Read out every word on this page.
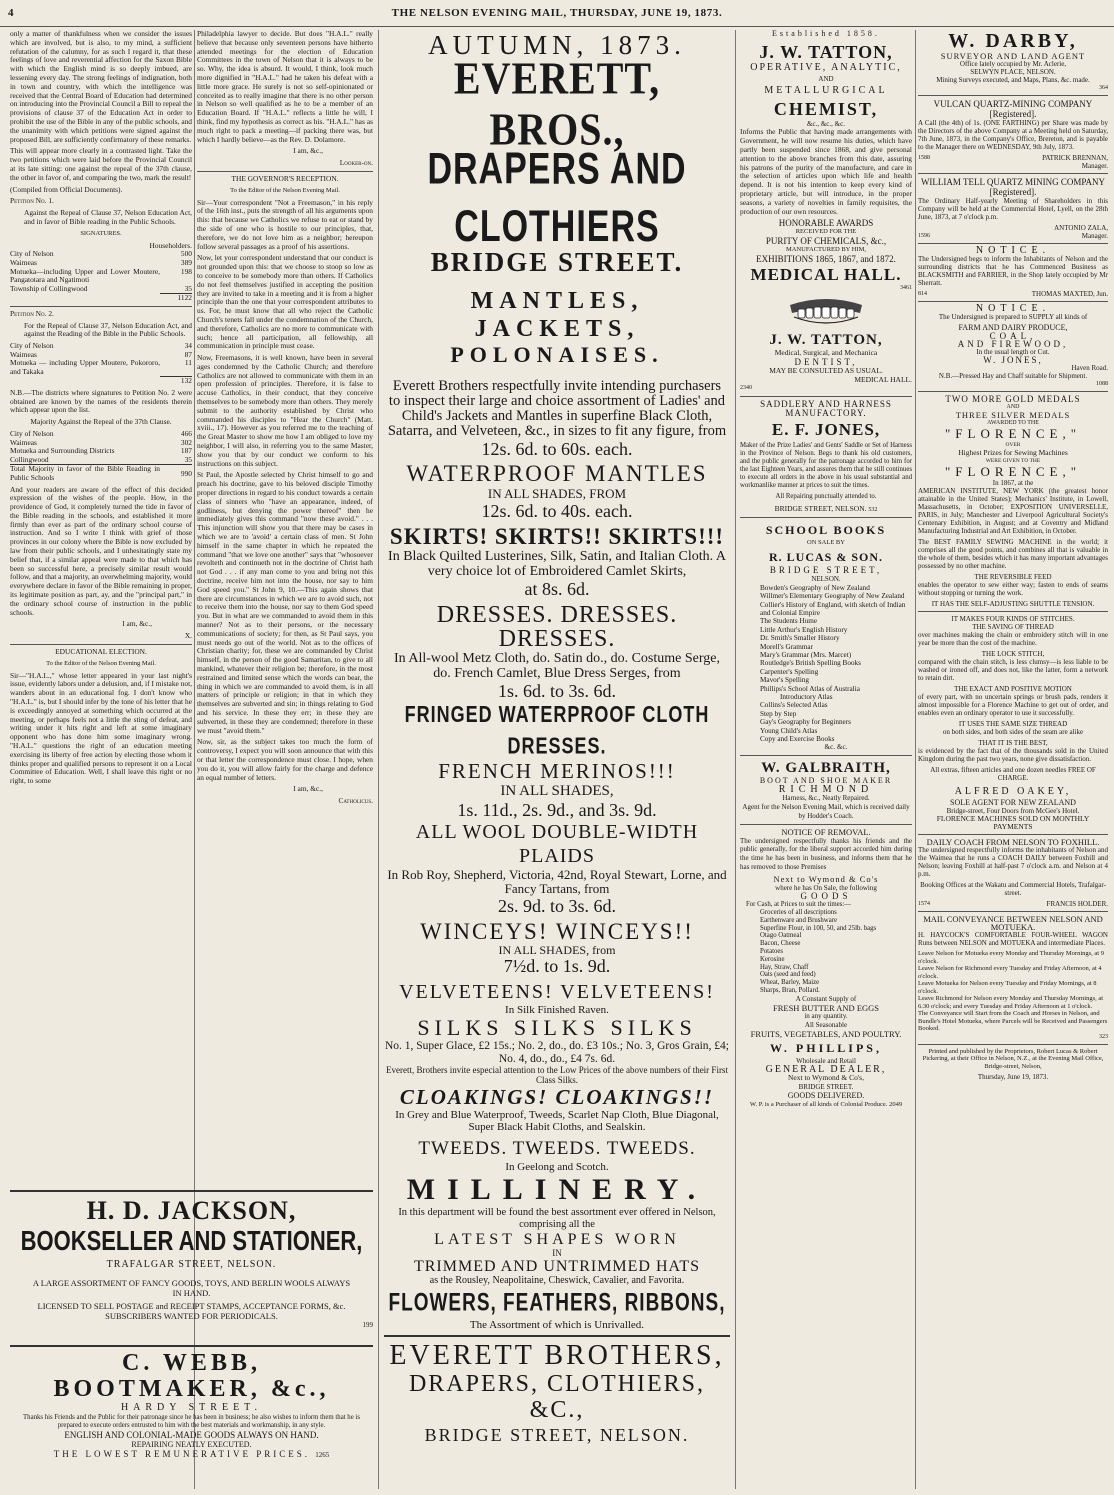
4	THE NELSON EVENING MAIL, THURSDAY, JUNE 19, 1873.

only a matter of thankfulness when we consider the issues which are involved, but is also, to my mind, a sufficient refutation of the calumny, for as such I regard it, that these feelings of love and reverential affection for the Saxon Bible with which the English mind is so deeply imbued, are lessening every day. The strong feelings of indignation, both in town and country, with which the intelligence was received that the Central Board of Education had determined on introducing into the Provincial Council a Bill to repeal the provisions of clause 37 of the Education Act in order to prohibit the use of the Bible in any of the public schools, and the unanimity with which petitions were signed against the proposed Bill, are sufficiently confirmatory of these remarks.

This will appear more clearly in a contrasted light. Take the two petitions which were laid before the Provincial Council at its late sitting: one against the repeal of the 37th clause, the other in favor of, and comparing the two, mark the result!

(Compiled from Official Documents).

Petition No. 1.

Against the Repeal of Clause 37, Nelson Education Act, and in favor of Bible reading in the Public Schools.

SIGNATURES.

Householders.

City of Nelson	500
Waimeas	389
Motueka—including Upper and Lower Moutere, Pangatotara and Ngatimoti	198
Township of Collingwood	35
	1122

Petition No. 2.

For the Repeal of Clause 37, Nelson Education Act, and against the Reading of the Bible in the Public Schools.

City of Nelson	34
Waimeas	87
Motueka — including Upper Moutere, Pokororo, and Takaka	11
	132

N.B.—The districts where signatures to Petition No. 2 were obtained are known by the names of the residents therein which appear upon the list.

Majority Against the Repeal of the 37th Clause.

City of Nelson	466
Waimeas	302
Motueka and Surrounding Districts	187
Collingwood	35
Total Majority in favor of the Bible Reading in Public Schools	990

And your readers are aware of the effect of this decided expression of the wishes of the people. How, in the providence of God, it completely turned the tide in favor of the Bible reading in the schools, and established it more firmly than ever as part of the ordinary school course of instruction. And so I write I think with grief of those provinces in our colony where the Bible is now excluded by law from their public schools, and I unhesitatingly state my belief that, if a similar appeal were made to that which has been so successful here, a precisely similar result would follow, and that a majority, an overwhelming majority, would everywhere declare in favor of the Bible remaining in proper, its legitimate position as part, ay, and the "principal part," in the ordinary school course of instruction in the public schools.

I am, &c.,

X.

EDUCATIONAL ELECTION.

To the Editor of the Nelson Evening Mail.

Sir—"H.A.L.," whose letter appeared in your last night's issue, evidently labors under a delusion, and, if I mistake not, wanders about in an educational fog. I don't know who "H.A.L." is, but I should infer by the tone of his letter that he is exceedingly annoyed at something which occurred at the meeting, or perhaps feels not a little the sting of defeat, and writing under it hits right and left at some imaginary opponent who has done him some imaginary wrong. "H.A.L." questions the right of an education meeting exercising its liberty of free action by electing those whom it thinks proper and qualified persons to represent it on a Local Committee of Education. Well, I shall leave this right or no right, to some

Philadelphia lawyer to decide. But does "H.A.L." really believe that because only seventeen persons have hitherto attended meetings for the election of Education Committees in the town of Nelson that it is always to be so. Why, the idea is absurd. It would, I think, look much more dignified in "H.A.L." had he taken his defeat with a little more grace. He surely is not so self-opinionated or conceited as to really imagine that there is no other person in Nelson so well qualified as he to be a member of an Education Board. If "H.A.L." reflects a little he will, I think, find my hypothesis as correct as his. "H.A.L." has as much right to pack a meeting—if packing there was, but which I hardly believe—as the Rev. D. Dolamore.

I am, &c.,

Looker-on.

THE GOVERNOR'S RECEPTION.

To the Editor of the Nelson Evening Mail.

Sir—Your correspondent "Not a Freemason," in his reply of the 16th inst., puts the strength of all his arguments upon this: that because we Catholics we refuse to eat or stand by the side of one who is hostile to our principles, that, therefore, we do not love him as a neighbor; hereupon follow several passages as a proof of his assertions.

Now, let your correspondent understand that our conduct is not grounded upon this: that we choose to stoop so low as to conceive to be somebody more than others. If Catholics do not feel themselves justified in accepting the position they are invited to take in a meeting and it is from a higher principle than the one that your correspondent attributes to us. For, he must know that all who reject the Catholic Church's tenets fall under the condemnation of the Church, and therefore, Catholics are no more to communicate with such; hence all participation, all fellowship, all communication in principle must cease.

Now, Freemasons, it is well known, have been in several ages condemned by the Catholic Church; and therefore Catholics are not allowed to communicate with them in an open profession of principles. Therefore, it is false to accuse Catholics, in their conduct, that they conceive themselves to be somebody more than others. They merely submit to the authority established by Christ who commanded his disciples to "Hear the Church" (Matt. xviii., 17). However as you referred me to the teaching of the Great Master to show me how I am obliged to love my neighbor, I will also, in referring you to the same Master, show you that by our conduct we conform to his instructions on this subject.

St Paul, the Apostle selected by Christ himself to go and preach his doctrine, gave to his beloved disciple Timothy proper directions in regard to his conduct towards a certain class of sinners who "have an appearance, indeed, of godliness, but denying the power thereof" then he immediately gives this command "now these avoid." . . . This injunction will show you that there may be cases in which we are to 'avoid' a certain class of men. St John himself in the same chapter in which he repeated the command "that we love one another" says that "whosoever revolteth and continueth not in the doctrine of Christ hath not God . . . if any man come to you and bring not this doctrine, receive him not into the house, nor say to him God speed you." St John 9, 10.—This again shows that there are circumstances in which we are to avoid such, not to receive them into the house, nor say to them God speed you. But in what are we commanded to avoid them in this manner? Not as to their persons, or the necessary communications of society; for then, as St Paul says, you must needs go out of the world. Not as to the offices of Christian charity; for, these we are commanded by Christ himself, in the person of the good Samaritan, to give to all mankind, whatever their religion be; therefore, in the most restrained and limited sense which the words can bear, the thing in which we are commanded to avoid them, is in all matters of principle or religion; in that in which they themselves are subverted and sin; in things relating to God and his service. In these they err; in these they are subverted, in these they are condemned; therefore in these we must "avoid them."

Now, sir, as the subject takes too much the form of controversy, I expect you will soon announce that with this or that letter the correspondence must close. I hope, when you do it, you will allow fairly for the charge and defence an equal number of letters.

I am, &c.,

Catholicus.

H. D. JACKSON,
BOOKSELLER AND STATIONER,
TRAFALGAR STREET, NELSON.
A LARGE ASSORTMENT OF FANCY GOODS, TOYS, AND BERLIN WOOLS ALWAYS IN HAND.
LICENSED TO SELL POSTAGE and RECEIPT STAMPS, ACCEPTANCE FORMS, &c. SUBSCRIBERS WANTED FOR PERIODICALS.
199
C. WEBB,
BOOTMAKER, &c.,
HARDY STREET.
Thanks his Friends and the Public for their patronage since he has been in business; he also wishes to inform them that he is prepared to execute orders entrusted to him with the best materials and workmanship, in any style.
ENGLISH AND COLONIAL-MADE GOODS ALWAYS ON HAND.
REPAIRING NEATLY EXECUTED.
THE LOWEST REMUNERATIVE PRICES. 1265
AUTUMN, 1873.
EVERETT, BROS.,
DRAPERS AND CLOTHIERS
BRIDGE STREET.
MANTLES, JACKETS,
POLONAISES.
Everett Brothers respectfully invite intending purchasers to inspect their large and choice assortment of Ladies' and Child's Jackets and Mantles in superfine Black Cloth, Satarra, and Velveteen, &c., in sizes to fit any figure, from
12s. 6d. to 60s. each.
WATERPROOF MANTLES
IN ALL SHADES, FROM
12s. 6d. to 40s. each.
SKIRTS! SKIRTS!! SKIRTS!!!
In Black Quilted Lusterines, Silk, Satin, and Italian Cloth. A very choice lot of Embroidered Camlet Skirts,
at 8s. 6d.
DRESSES. DRESSES. DRESSES.
In All-wool Metz Cloth, do. Satin do., do. Costume Serge, do. French Camlet, Blue Dress Serges, from
1s. 6d. to 3s. 6d.
FRINGED WATERPROOF CLOTH DRESSES.
FRENCH MERINOS!!!
IN ALL SHADES,
1s. 11d., 2s. 9d., and 3s. 9d.
ALL WOOL DOUBLE-WIDTH PLAIDS
In Rob Roy, Shepherd, Victoria, 42nd, Royal Stewart, Lorne, and Fancy Tartans, from
2s. 9d. to 3s. 6d.
WINCEYS! WINCEYS!!
IN ALL SHADES, from
7½d. to 1s. 9d.
VELVETEENS! VELVETEENS!
In Silk Finished Raven.
SILKS SILKS SILKS
No. 1, Super Glace, £2 15s.; No. 2, do., do. £3 10s.; No. 3, Gros Grain, £4; No. 4, do., do., £4 7s. 6d.
Everett, Brothers invite especial attention to the Low Prices of the above numbers of their First Class Silks.
CLOAKINGS! CLOAKINGS!!
In Grey and Blue Waterproof, Tweeds, Scarlet Nap Cloth, Blue Diagonal, Super Black Habit Cloths, and Sealskin.
TWEEDS. TWEEDS. TWEEDS.
In Geelong and Scotch.
MILLINERY.
In this department will be found the best assortment ever offered in Nelson, comprising all the
LATEST SHAPES WORN
IN
TRIMMED AND UNTRIMMED HATS
as the Rousley, Neapolitaine, Cheswick, Cavalier, and Favorita.
FLOWERS, FEATHERS, RIBBONS,
The Assortment of which is Unrivalled.
EVERETT BROTHERS,
DRAPERS, CLOTHIERS, &C.,
BRIDGE STREET, NELSON.
Established 1858.
J. W. TATTON,
OPERATIVE, ANALYTIC,
AND
METALLURGICAL
CHEMIST,
&c., &c., &c.

Informs the Public that having made arrangements with Government, he will now resume his duties, which have partly been suspended since 1868, and give personal attention to the above branches from this date, assuring his patrons of the purity of the manufacture, and care in the selection of articles upon which life and health depend. It is not his intention to keep every kind of proprietary article, but will introduce, in the proper seasons, a variety of novelties in family requisites, the production of our own resources.

HONORABLE AWARDS
RECEIVED FOR THE
PURITY OF CHEMICALS, &c.,
MANUFACTURED BY HIM,
EXHIBITIONS 1865, 1867, and 1872.
MEDICAL HALL.
3461
J. W. TATTON,
Medical, Surgical, and Mechanica
DENTIST,
MAY BE CONSULTED AS USUAL.
MEDICAL HALL.
2340
SADDLERY AND HARNESS MANUFACTORY.
E. F. JONES,

Maker of the Prize Ladies' and Gents' Saddle or Set of Harness in the Province of Nelson. Begs to thank his old customers, and the public generally for the patronage accorded to him for the last Eighteen Years, and assures them that he still continues to execute all orders in the above in his usual substantial and workmanlike manner at prices to suit the times.

All Repairing punctually attended to.

BRIDGE STREET, NELSON. 532
SCHOOL BOOKS
ON SALE BY
R. LUCAS & SON.
BRIDGE STREET,
NELSON.
Bowden's Geography of New Zealand
Willmer's Elementary Geography of New Zealand
Collier's History of England, with sketch of Indian and Colonial Empire
The Students Hume
Little Arthur's English History
Dr. Smith's Smaller History
Morell's Grammar
Mary's Grammar (Mrs. Marcet)
Routledge's British Spelling Books
Carpenter's Spelling
Mavor's Spelling
Phillips's School Atlas of Australia
Introductory Atlas
Collins's Selected Atlas
Step by Step
Gay's Geography for Beginners
Young Child's Atlas
Copy and Exercise Books
&c. &c.
W. GALBRAITH,
BOOT AND SHOE MAKER
RICHMOND
Harness, &c., Neatly Repaired.

Agent for the Nelson Evening Mail, which is received daily by Hodder's Coach.

NOTICE OF REMOVAL.

The undersigned respectfully thanks his friends and the public generally, for the liberal support accorded him during the time he has been in business, and informs them that he has removed to those Premises

Next to Wymond & Co's
where he has On Sale, the following
GOODS
For Cash, at Prices to suit the times:—
Groceries of all descriptions
Earthenware and Brushware
Superfine Flour, in 100, 50, and 25lb. bags
Otago Oatmeal
Bacon, Cheese
Potatoes
Kerosine
Hay, Straw, Chaff
Oats (seed and feed)
Wheat, Barley, Maize
Sharps, Bran, Pollard.
A Constant Supply of
FRESH BUTTER AND EGGS
in any quantity.
All Seasonable
FRUITS, VEGETABLES, AND POULTRY.
W. PHILLIPS,
Wholesale and Retail
GENERAL DEALER,
Next to Wymond & Co's,
BRIDGE STREET.
GOODS DELIVERED.
W. P. is a Purchaser of all kinds of Colonial Produce. 2049
W. DARBY,
SURVEYOR AND LAND AGENT
Office lately occupied by Mr. Aclerie,
SELWYN PLACE, NELSON.
Mining Surveys executed, and Maps, Plans, &c. made.
364
VULCAN QUARTZ-MINING COMPANY [Registered].

A Call (the 4th) of 1s. (ONE FARTHING) per Share was made by the Directors of the above Company at a Meeting held on Saturday, 7th June, 1873, in the Company's Office, Brereton, and is payable to the Manager there on WEDNESDAY, 9th July, 1873.

1588	PATRICK BRENNAN,
Manager.
WILLIAM TELL QUARTZ MINING COMPANY [Registered].

The Ordinary Half-yearly Meeting of Shareholders in this Company will be held at the Commercial Hotel, Lyell, on the 28th June, 1873, at 7 o'clock p.m.

ANTONIO ZALA,
1596	Manager.
NOTICE.

The Undersigned begs to inform the Inhabitants of Nelson and the surrounding districts that he has Commenced Business as BLACKSMITH and FARRIER, in the Shop lately occupied by Mr Sherratt.

814	THOMAS MAXTED, Jun.
NOTICE.

The Undersigned is prepared to SUPPLY all kinds of

FARM AND DAIRY PRODUCE,
COAL,
AND FIREWOOD,
In the usual length or Cut.
W. JONES,
Haven Road.
N.B.—Pressed Hay and Chaff suitable for Shipment.
1088
TWO MORE GOLD MEDALS
AND
THREE SILVER MEDALS
AWARDED TO THE
"FLORENCE,"
OVER
Highest Prizes for Sewing Machines
WERE GIVEN TO THE
"FLORENCE,"
In 1867, at the

AMERICAN INSTITUTE, NEW YORK (the greatest honor attainable in the United States); Mechanics' Institute, in Lowell, Massachusetts, in October; EXPOSITION UNIVERSELLE, PARIS, in July; Manchester and Liverpool Agricultural Society's Centenary Exhibition, in August; and at Coventry and Midland Manufacturing Industrial and Art Exhibition, in October.

The BEST FAMILY SEWING MACHINE in the world; it comprises all the good points, and combines all that is valuable in the whole of them, besides which it has many important advantages possessed by no other machine.

THE REVERSIBLE FEED

enables the operator to sew either way; fasten to ends of seams without stopping or turning the work.

IT HAS THE SELF-ADJUSTING SHUTTLE TENSION.
IT MAKES FOUR KINDS OF STITCHES.
THE SAVING OF THREAD

over machines making the chain or embroidery stitch will in one year be more than the cost of the machine.

THE LOCK STITCH,

compared with the chain stitch, is less clumsy—is less liable to be washed or ironed off, and does not, like the latter, form a network to retain dirt.

THE EXACT AND POSITIVE MOTION

of every part, with no uncertain springs or brush pads, renders it almost impossible for a Florence Machine to get out of order, and enables even an ordinary operator to use it successfully.

IT USES THE SAME SIZE THREAD

on both sides, and both sides of the seam are alike

THAT IT IS THE BEST,

is evidenced by the fact that of the thousands sold in the United Kingdom during the past two years, none give dissatisfaction.

All extras, fifteen articles and one dozen needles FREE OF CHARGE.

ALFRED OAKEY,
SOLE AGENT FOR NEW ZEALAND
Bridge-street, Four Doors from McGee's Hotel.
FLORENCE MACHINES SOLD ON MONTHLY PAYMENTS
DAILY COACH FROM NELSON TO FOXHILL.

The undersigned respectfully informs the inhabitants of Nelson and the Waimea that he runs a COACH DAILY between Foxhill and Nelson; leaving Foxhill at half-past 7 o'clock a.m. and Nelson at 4 p.m.

Booking Offices at the Wakatu and Commercial Hotels, Trafalgar-street.

1574	FRANCIS HOLDER.
MAIL CONVEYANCE BETWEEN NELSON AND MOTUEKA.

H. HAYCOCK'S COMFORTABLE FOUR-WHEEL WAGON Runs between NELSON and MOTUEKA and intermediate Places.

Leave Nelson for Motueka every Monday and Thursday Mornings, at 9 o'clock.
Leave Nelson for Richmond every Tuesday and Friday Afternoon, at 4 o'clock.
Leave Motueka for Nelson every Tuesday and Friday Mornings, at 8 o'clock.
Leave Richmond for Nelson every Monday and Thursday Mornings, at 6.30 o'clock; and every Tuesday and Friday Afternoon at 1 o'clock.
The Conveyance will Start from the Coach and Horses in Nelson, and Bundle's Hotel Motueka, where Parcels will be Received and Passengers Booked.
323

Printed and published by the Proprietors, Robert Lucas & Robert Pickering, at their Office in Nelson, N.Z., at the Evening Mail Office, Bridge-street, Nelson,

Thursday, June 19, 1873.
